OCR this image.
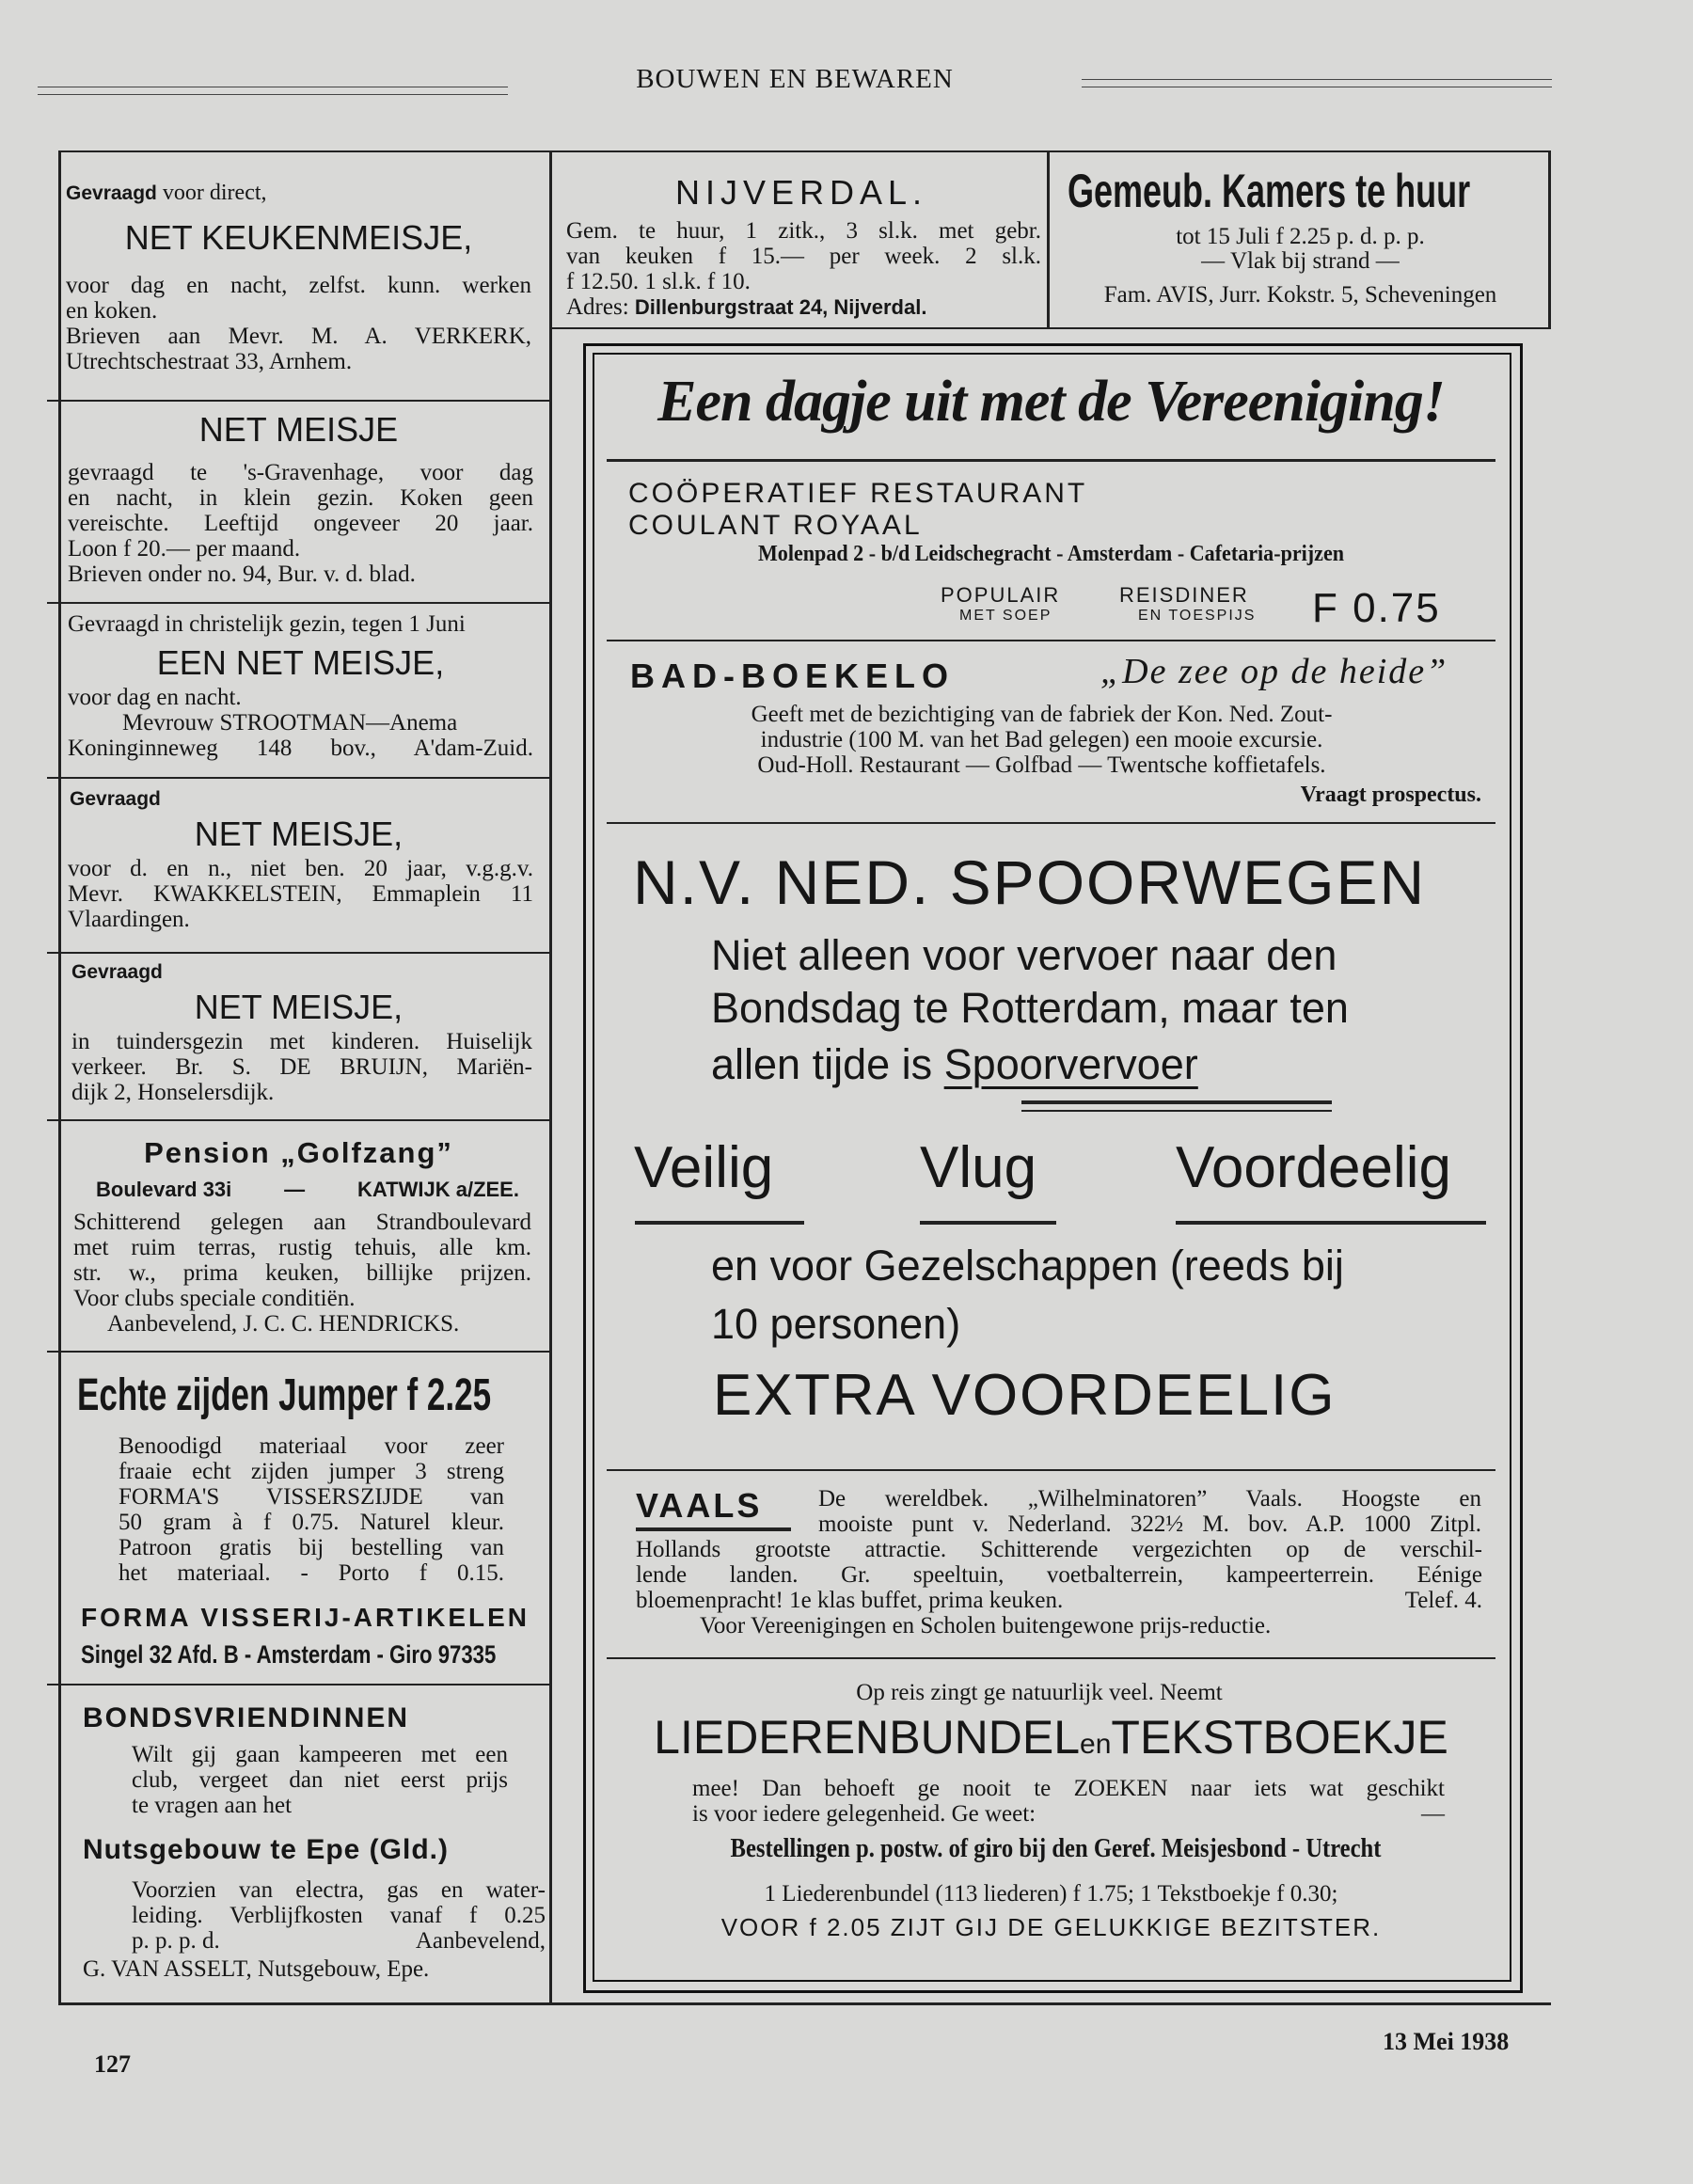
BOUWEN EN BEWAREN
Gevraagd voor direct,
NET KEUKENMEISJE,
voor dag en nacht, zelfst. kunn. werken
en koken.
Brieven aan Mevr. M. A. VERKERK,
Utrechtschestraat 33, Arnhem.
NET MEISJE
gevraagd te 's-Gravenhage, voor dag
en nacht, in klein gezin. Koken geen
vereischte. Leeftijd ongeveer 20 jaar.
Loon f 20.— per maand.
Brieven onder no. 94, Bur. v. d. blad.
Gevraagd in christelijk gezin, tegen 1 Juni
EEN NET MEISJE,
voor dag en nacht.
Mevrouw STROOTMAN—Anema
Koninginneweg 148 bov., A'dam-Zuid.
Gevraagd
NET MEISJE,
voor d. en n., niet ben. 20 jaar, v.g.g.v.
Mevr. KWAKKELSTEIN, Emmaplein 11
Vlaardingen.
Gevraagd
NET MEISJE,
in tuindersgezin met kinderen. Huiselijk
verkeer. Br. S. DE BRUIJN, Mariën-
dijk 2, Honselersdijk.
Pension „Golfzang”
Boulevard 33i	—	KATWIJK a/ZEE.
Schitterend gelegen aan Strandboulevard
met ruim terras, rustig tehuis, alle km.
str. w., prima keuken, billijke prijzen.
Voor clubs speciale conditiën.
Aanbevelend, J. C. C. HENDRICKS.
Echte zijden Jumper f 2.25
Benoodigd materiaal voor zeer
fraaie echt zijden jumper 3 streng
FORMA'S VISSERSZIJDE van
50 gram à f 0.75. Naturel kleur.
Patroon gratis bij bestelling van
het materiaal. - Porto f 0.15.
FORMA VISSERIJ-ARTIKELEN
Singel 32 Afd. B - Amsterdam - Giro 97335
BONDSVRIENDINNEN
Wilt gij gaan kampeeren met een
club, vergeet dan niet eerst prijs
te vragen aan het
Nutsgebouw te Epe (Gld.)
Voorzien van electra, gas en water-
leiding. Verblijfkosten vanaf f 0.25
p. p. p. d.	Aanbevelend,
G. VAN ASSELT, Nutsgebouw, Epe.
NIJVERDAL.
Gem. te huur, 1 zitk., 3 sl.k. met gebr.
van keuken f 15.— per week. 2 sl.k.
f 12.50. 1 sl.k. f 10.
Adres: Dillenburgstraat 24, Nijverdal.
Gemeub. Kamers te huur
tot 15 Juli f 2.25 p. d. p. p.
— Vlak bij strand —
Fam. AVIS, Jurr. Kokstr. 5, Scheveningen
Een dagje uit met de Vereeniging!
COÖPERATIEF RESTAURANT
COULANT ROYAAL
Molenpad 2 - b/d Leidschegracht - Amsterdam - Cafetaria-prijzen
POPULAIR
MET SOEP
REISDINER
EN TOESPIJS F 0.75
BAD-BOEKELO	„De zee op de heide”
Geeft met de bezichtiging van de fabriek der Kon. Ned. Zout-
industrie (100 M. van het Bad gelegen) een mooie excursie.
Oud-Holl. Restaurant — Golfbad — Twentsche koffietafels.
Vraagt prospectus.
N.V. NED. SPOORWEGEN
Niet alleen voor vervoer naar den
Bondsdag te Rotterdam, maar ten
allen tijde is Spoorvervoer
Veilig	Vlug Voordeelig
en voor Gezelschappen (reeds bij
10 personen)
EXTRA VOORDEELIG
VAALS De wereldbek. „Wilhelminatoren” Vaals. Hoogste en
mooiste punt v. Nederland. 322½ M. bov. A.P. 1000 Zitpl.
Hollands grootste attractie. Schitterende vergezichten op de verschil-
lende landen. Gr. speeltuin, voetbalterrein, kampeerterrein. Eénige
bloemenpracht! 1e klas buffet, prima keuken.	Telef. 4.
Voor Vereenigingen en Scholen buitengewone prijs-reductie.
Op reis zingt ge natuurlijk veel. Neemt
LIEDERENBUNDELenTEKSTBOEKJE
mee! Dan behoeft ge nooit te ZOEKEN naar iets wat geschikt
is voor iedere gelegenheid. Ge weet:	—
Bestellingen p. postw. of giro bij den Geref. Meisjesbond - Utrecht
1 Liederenbundel (113 liederen) f 1.75; 1 Tekstboekje f 0.30;
VOOR f 2.05 ZIJT GIJ DE GELUKKIGE BEZITSTER.
127
13 Mei 1938
